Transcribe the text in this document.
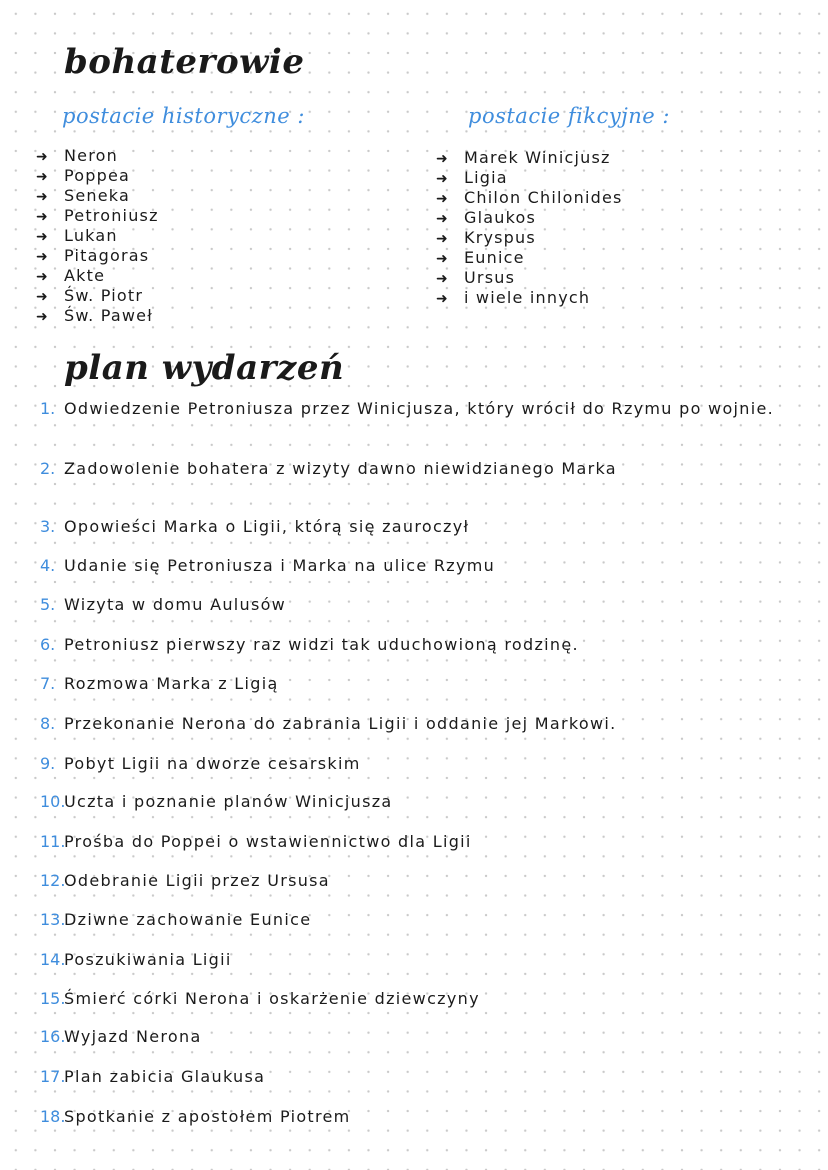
bohaterowie
postacie historyczne :	postacie fikcyjne :
➜ Neron
➜ Poppea
➜ Seneka
➜ Petroniusz
➜ Lukan
➜ Pitagoras
➜ Akte
➜ Św. Piotr
➜ Św. Paweł
➜ Marek Winicjusz
➜ Ligia
➜ Chilon Chilonides
➜ Glaukos
➜ Kryspus
➜ Eunice
➜ Ursus
➜ i wiele innych
plan wydarzeń
1. Odwiedzenie Petroniusza przez Winicjusza, który wrócił do Rzymu po wojnie.
2. Zadowolenie bohatera z wizyty dawno niewidzianego Marka
3. Opowieści Marka o Ligii, którą się zauroczył
4. Udanie się Petroniusza i Marka na ulice Rzymu
5. Wizyta w domu Aulusów
6. Petroniusz pierwszy raz widzi tak uduchowioną rodzinę.
7. Rozmowa Marka z Ligią
8. Przekonanie Nerona do zabrania Ligii i oddanie jej Markowi.
9. Pobyt Ligii na dworze cesarskim
10.
Uczta i poznanie planów Winicjusza
11.
Prośba do Poppei o wstawiennictwo dla Ligii
12.
Odebranie Ligii przez Ursusa
13.
Dziwne zachowanie Eunice
14.
Poszukiwania Ligii
15.
Śmierć córki Nerona i oskarżenie dziewczyny
16.
Wyjazd Nerona
17.
Plan zabicia Glaukusa
18.
Spotkanie z apostołem Piotrem
